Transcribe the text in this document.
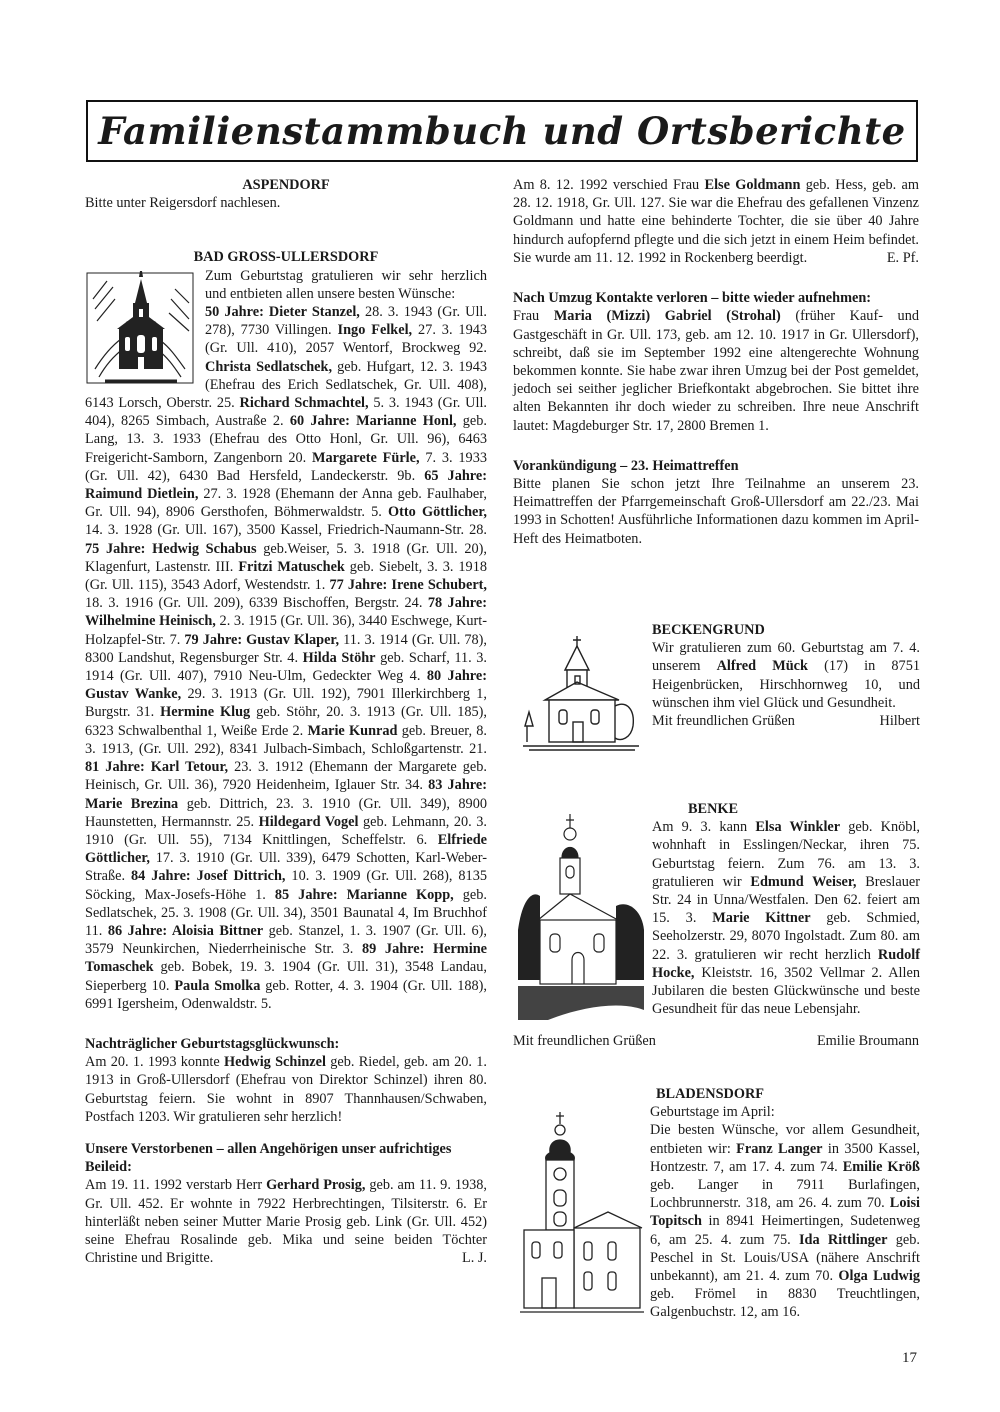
Familienstammbuch und Ortsberichte

ASPENDORF

Bitte unter Reigersdorf nachlesen.

BAD GROSS-ULLERSDORF

Zum Geburtstag gratulieren wir sehr herzlich und entbieten allen unsere besten Wünsche:
50 Jahre: Dieter Stanzel, 28. 3. 1943 (Gr. Ull. 278), 7730 Villingen. Ingo Felkel, 27. 3. 1943 (Gr. Ull. 410), 2057 Wentorf, Brockweg 92. Christa Sedlatschek, geb. Hufgart, 12. 3. 1943 (Ehefrau des Erich Sedlatschek, Gr. Ull. 408), 6143 Lorsch, Oberstr. 25. Richard Schmachtel, 5. 3. 1943 (Gr. Ull. 404), 8265 Simbach, Austraße 2. 60 Jahre: Marianne Honl, geb. Lang, 13. 3. 1933 (Ehefrau des Otto Honl, Gr. Ull. 96), 6463 Freigericht-Samborn, Zangenborn 20. Margarete Fürle, 7. 3. 1933 (Gr. Ull. 42), 6430 Bad Hersfeld, Landeckerstr. 9b. 65 Jahre: Raimund Dietlein, 27. 3. 1928 (Ehemann der Anna geb. Faulhaber, Gr. Ull. 94), 8906 Gersthofen, Böhmerwaldstr. 5. Otto Göttlicher, 14. 3. 1928 (Gr. Ull. 167), 3500 Kassel, Friedrich-Naumann-Str. 28. 75 Jahre: Hedwig Schabus geb.Weiser, 5. 3. 1918 (Gr. Ull. 20), Klagenfurt, Lastenstr. III. Fritzi Matuschek geb. Siebelt, 3. 3. 1918 (Gr. Ull. 115), 3543 Adorf, Westendstr. 1. 77 Jahre: Irene Schubert, 18. 3. 1916 (Gr. Ull. 209), 6339 Bischoffen, Bergstr. 24. 78 Jahre: Wilhelmine Heinisch, 2. 3. 1915 (Gr. Ull. 36), 3440 Eschwege, Kurt-Holzapfel-Str. 7. 79 Jahre: Gustav Klaper, 11. 3. 1914 (Gr. Ull. 78), 8300 Landshut, Regensburger Str. 4. Hilda Stöhr geb. Scharf, 11. 3. 1914 (Gr. Ull. 407), 7910 Neu-Ulm, Gedeckter Weg 4. 80 Jahre: Gustav Wanke, 29. 3. 1913 (Gr. Ull. 192), 7901 Illerkirchberg 1, Burgstr. 31. Hermine Klug geb. Stöhr, 20. 3. 1913 (Gr. Ull. 185), 6323 Schwalbenthal 1, Weiße Erde 2. Marie Kunrad geb. Breuer, 8. 3. 1913, (Gr. Ull. 292), 8341 Julbach-Simbach, Schloßgartenstr. 21. 81 Jahre: Karl Tetour, 23. 3. 1912 (Ehemann der Margarete geb. Heinisch, Gr. Ull. 36), 7920 Heidenheim, Iglauer Str. 34. 83 Jahre: Marie Brezina geb. Dittrich, 23. 3. 1910 (Gr. Ull. 349), 8900 Haunstetten, Hermannstr. 25. Hildegard Vogel geb. Lehmann, 20. 3. 1910 (Gr. Ull. 55), 7134 Knittlingen, Scheffelstr. 6. Elfriede Göttlicher, 17. 3. 1910 (Gr. Ull. 339), 6479 Schotten, Karl-Weber-Straße. 84 Jahre: Josef Dittrich, 10. 3. 1909 (Gr. Ull. 268), 8135 Söcking, Max-Josefs-Höhe 1. 85 Jahre: Marianne Kopp, geb. Sedlatschek, 25. 3. 1908 (Gr. Ull. 34), 3501 Baunatal 4, Im Bruchhof 11. 86 Jahre: Aloisia Bittner geb. Stanzel, 1. 3. 1907 (Gr. Ull. 6), 3579 Neunkirchen, Niederrheinische Str. 3. 89 Jahre: Hermine Tomaschek geb. Bobek, 19. 3. 1904 (Gr. Ull. 31), 3548 Landau, Sieperberg 10. Paula Smolka geb. Rotter, 4. 3. 1904 (Gr. Ull. 188), 6991 Igersheim, Odenwaldstr. 5.

Nachträglicher Geburtstagsglückwunsch:

Am 20. 1. 1993 konnte Hedwig Schinzel geb. Riedel, geb. am 20. 1. 1913 in Groß-Ullersdorf (Ehefrau von Direktor Schinzel) ihren 80. Geburtstag feiern. Sie wohnt in 8907 Thannhausen/Schwaben, Postfach 1203. Wir gratulieren sehr herzlich!

Unsere Verstorbenen – allen Angehörigen unser aufrichtiges Beileid:

Am 19. 11. 1992 verstarb Herr Gerhard Prosig, geb. am 11. 9. 1938, Gr. Ull. 452. Er wohnte in 7922 Herbrechtingen, Tilsiterstr. 6. Er hinterläßt neben seiner Mutter Marie Prosig geb. Link (Gr. Ull. 452) seine Ehefrau Rosalinde geb. Mika und seine beiden Töchter Christine und Brigitte.	L. J.

Am 8. 12. 1992 verschied Frau Else Goldmann geb. Hess, geb. am 28. 12. 1918, Gr. Ull. 127. Sie war die Ehefrau des gefallenen Vinzenz Goldmann und hatte eine behinderte Tochter, die sie über 40 Jahre hindurch aufopfernd pflegte und die sich jetzt in einem Heim befindet. Sie wurde am 11. 12. 1992 in Rockenberg beerdigt.	E. Pf.

Nach Umzug Kontakte verloren – bitte wieder aufnehmen:

Frau Maria (Mizzi) Gabriel (Strohal) (früher Kauf- und Gastgeschäft in Gr. Ull. 173, geb. am 12. 10. 1917 in Gr. Ullersdorf), schreibt, daß sie im September 1992 eine altengerechte Wohnung bekommen konnte. Sie habe zwar ihren Umzug bei der Post gemeldet, jedoch sei seither jeglicher Briefkontakt abgebrochen. Sie bittet ihre alten Bekannten ihr doch wieder zu schreiben. Ihre neue Anschrift lautet: Magdeburger Str. 17, 2800 Bremen 1.

Vorankündigung – 23. Heimattreffen

Bitte planen Sie schon jetzt Ihre Teilnahme an unserem 23. Heimattreffen der Pfarrgemeinschaft Groß-Ullersdorf am 22./23. Mai 1993 in Schotten! Ausführliche Informationen dazu kommen im April-Heft des Heimatboten.

BECKENGRUND

Wir gratulieren zum 60. Geburtstag am 7. 4. unserem Alfred Mück (17) in 8751 Heigenbrücken, Hirschhornweg 10, und wünschen ihm viel Glück und Gesundheit.

Mit freundlichen Grüßen	Hilbert

BENKE

Am 9. 3. kann Elsa Winkler geb. Knöbl, wohnhaft in Esslingen/Neckar, ihren 75. Geburtstag feiern. Zum 76. am 13. 3. gratulieren wir Edmund Weiser, Breslauer Str. 24 in Unna/Westfalen. Den 62. feiert am 15. 3. Marie Kittner geb. Schmied, Seeholzerstr. 29, 8070 Ingolstadt. Zum 80. am 22. 3. gratulieren wir recht herzlich Rudolf Hocke, Kleiststr. 16, 3502 Vellmar 2. Allen Jubilaren die besten Glückwünsche und beste Gesundheit für das neue Lebensjahr.

Mit freundlichen Grüßen	Emilie Broumann

BLADENSDORF

Geburtstage im April:

Die besten Wünsche, vor allem Gesundheit, entbieten wir: Franz Langer in 3500 Kassel, Hontzestr. 7, am 17. 4. zum 74. Emilie Kröß geb. Langer in 7911 Burlafingen, Lochbrunnerstr. 318, am 26. 4. zum 70. Loisi Topitsch in 8941 Heimertingen, Sudetenweg 6, am 25. 4. zum 75. Ida Rittlinger geb. Peschel in St. Louis/USA (nähere Anschrift unbekannt), am 21. 4. zum 70. Olga Ludwig geb. Frömel in 8830 Treuchtlingen, Galgenbuchstr. 12, am 16.

17
